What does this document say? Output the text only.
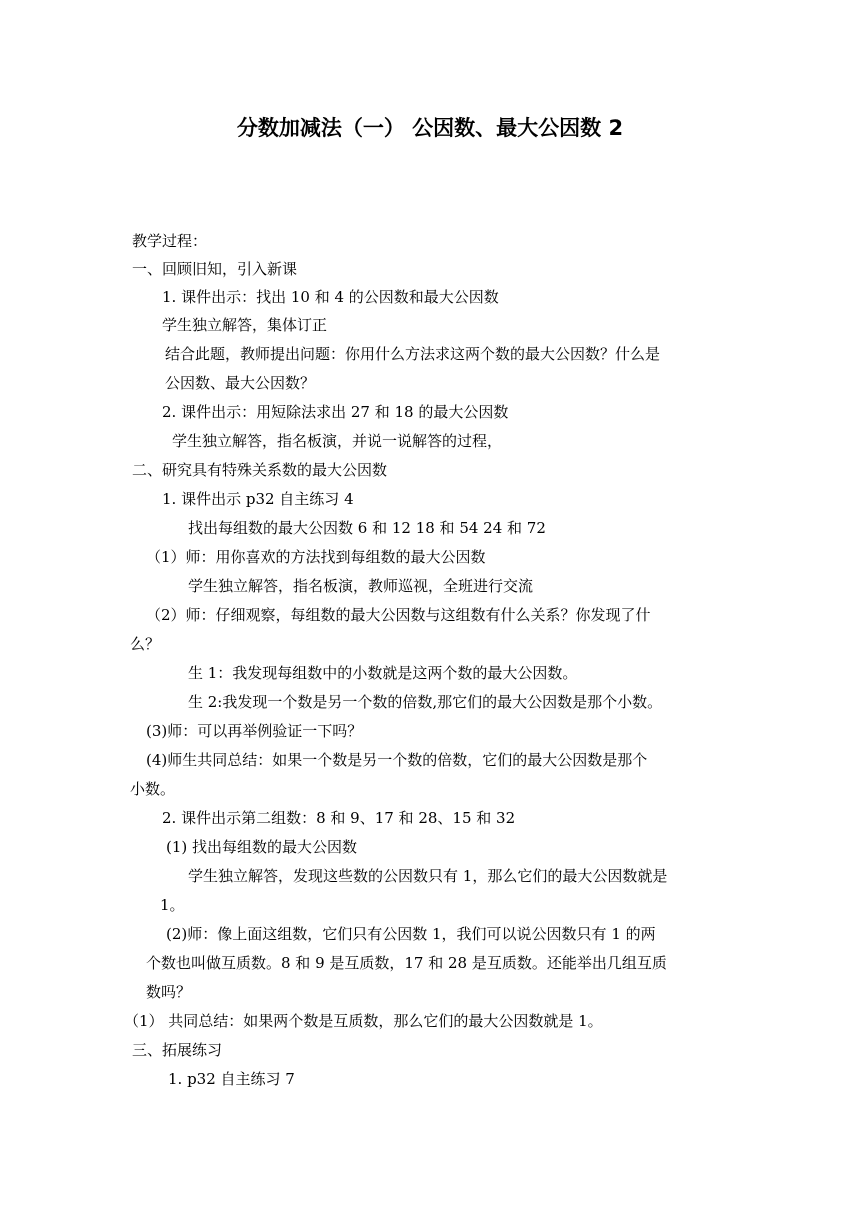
分数加减法（一） 公因数、最大公因数 2
教学过程：
一、回顾旧知，引入新课
1. 课件出示：找出 10 和 4 的公因数和最大公因数
学生独立解答，集体订正
结合此题，教师提出问题：你用什么方法求这两个数的最大公因数？什么是
公因数、最大公因数？
2. 课件出示：用短除法求出 27 和 18 的最大公因数
学生独立解答，指名板演，并说一说解答的过程，
二、研究具有特殊关系数的最大公因数
1. 课件出示 p32 自主练习 4
找出每组数的最大公因数 6 和 12 18 和 54 24 和 72
（1）师：用你喜欢的方法找到每组数的最大公因数
学生独立解答，指名板演，教师巡视，全班进行交流
（2）师：仔细观察，每组数的最大公因数与这组数有什么关系？你发现了什
么？
生 1：我发现每组数中的小数就是这两个数的最大公因数。
生 2:我发现一个数是另一个数的倍数,那它们的最大公因数是那个小数。
(3)师：可以再举例验证一下吗？
(4)师生共同总结：如果一个数是另一个数的倍数，它们的最大公因数是那个
小数。
2. 课件出示第二组数：8 和 9、17 和 28、15 和 32
(1) 找出每组数的最大公因数
学生独立解答，发现这些数的公因数只有 1，那么它们的最大公因数就是
1。
(2)师：像上面这组数，它们只有公因数 1，我们可以说公因数只有 1 的两
个数也叫做互质数。8 和 9 是互质数，17 和 28 是互质数。还能举出几组互质
数吗？
（1） 共同总结：如果两个数是互质数，那么它们的最大公因数就是 1。
三、拓展练习
1. p32 自主练习 7
